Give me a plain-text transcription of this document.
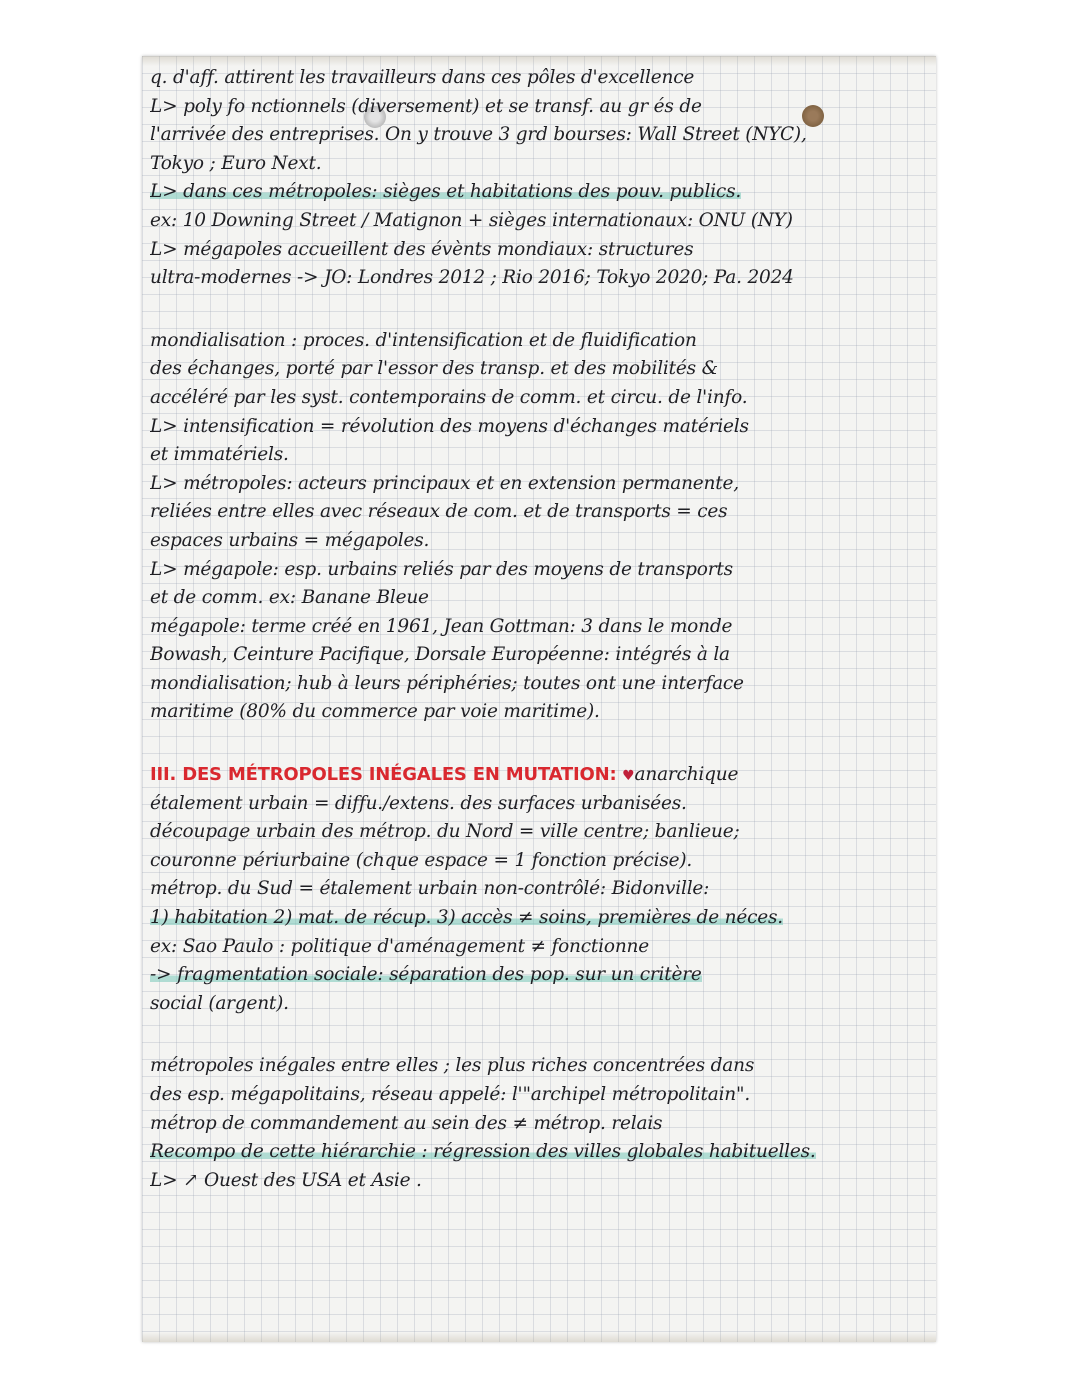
q. d'aff. attirent les travailleurs dans ces pôles d'excellence
L> poly fo nctionnels (diversement) et se transf. au gr és de
l'arrivée des entreprises. On y trouve 3 grd bourses: Wall Street (NYC),
Tokyo ; Euro Next.
L> dans ces métropoles: sièges et habitations des pouv. publics.
ex: 10 Downing Street / Matignon + sièges internationaux: ONU (NY)
L> mégapoles accueillent des évènts mondiaux: structures
ultra-modernes -> JO: Londres 2012 ; Rio 2016; Tokyo 2020; Pa. 2024
mondialisation : proces. d'intensification et de fluidification
des échanges, porté par l'essor des transp. et des mobilités &
accéléré par les syst. contemporains de comm. et circu. de l'info.
L> intensification = révolution des moyens d'échanges matériels
et immatériels.
L> métropoles: acteurs principaux et en extension permanente,
reliées entre elles avec réseaux de com. et de transports = ces
espaces urbains = mégapoles.
L> mégapole: esp. urbains reliés par des moyens de transports
et de comm. ex: Banane Bleue
mégapole: terme créé en 1961, Jean Gottman: 3 dans le monde
Bowash, Ceinture Pacifique, Dorsale Européenne: intégrés à la
mondialisation; hub à leurs périphéries; toutes ont une interface
maritime (80% du commerce par voie maritime).
III. DES MÉTROPOLES INÉGALES EN MUTATION: ♥anarchique
étalement urbain = diffu./extens. des surfaces urbanisées.
découpage urbain des métrop. du Nord = ville centre; banlieue;
couronne périurbaine (chque espace = 1 fonction précise).
métrop. du Sud = étalement urbain non-contrôlé: Bidonville:
1) habitation 2) mat. de récup. 3) accès ≠ soins, premières de néces.
ex: Sao Paulo : politique d'aménagement ≠ fonctionne
-> fragmentation sociale: séparation des pop. sur un critère
social (argent).
métropoles inégales entre elles ; les plus riches concentrées dans
des esp. mégapolitains, réseau appelé: l'"archipel métropolitain".
métrop de commandement au sein des ≠ métrop. relais
Recompo de cette hiérarchie : régression des villes globales habituelles.
L> ↗ Ouest des USA et Asie .
